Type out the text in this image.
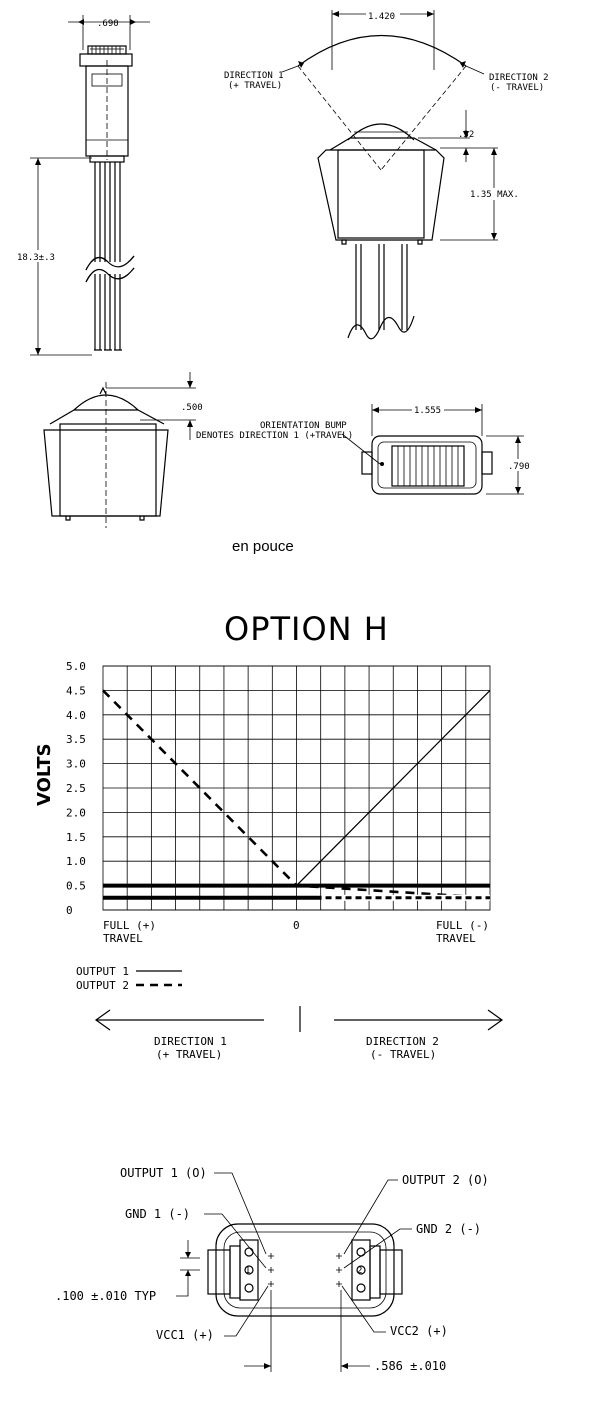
.690
18.3±.3
1.420
DIRECTION 1
(+ TRAVEL)
DIRECTION 2
(- TRAVEL)
.32
1.35 MAX.
.500	1.555
ORIENTATION BUMP
DENOTES DIRECTION 1 (+TRAVEL)
.790
en pouce
OPTION H
VOLTS
5.0
4.5
4.0
3.5
3.0
2.5
2.0
1.5
1.0
0.5
0
FULL (+)
TRAVEL
0	FULL (-)
TRAVEL
OUTPUT 1
OUTPUT 2
DIRECTION 1
(+ TRAVEL)
DIRECTION 2
(- TRAVEL)
1	2
OUTPUT 1 (O)
GND 1 (-)
OUTPUT 2 (O)
GND 2 (-)
.100 ±.010 TYP
VCC1 (+)	VCC2 (+)
.586 ±.010
